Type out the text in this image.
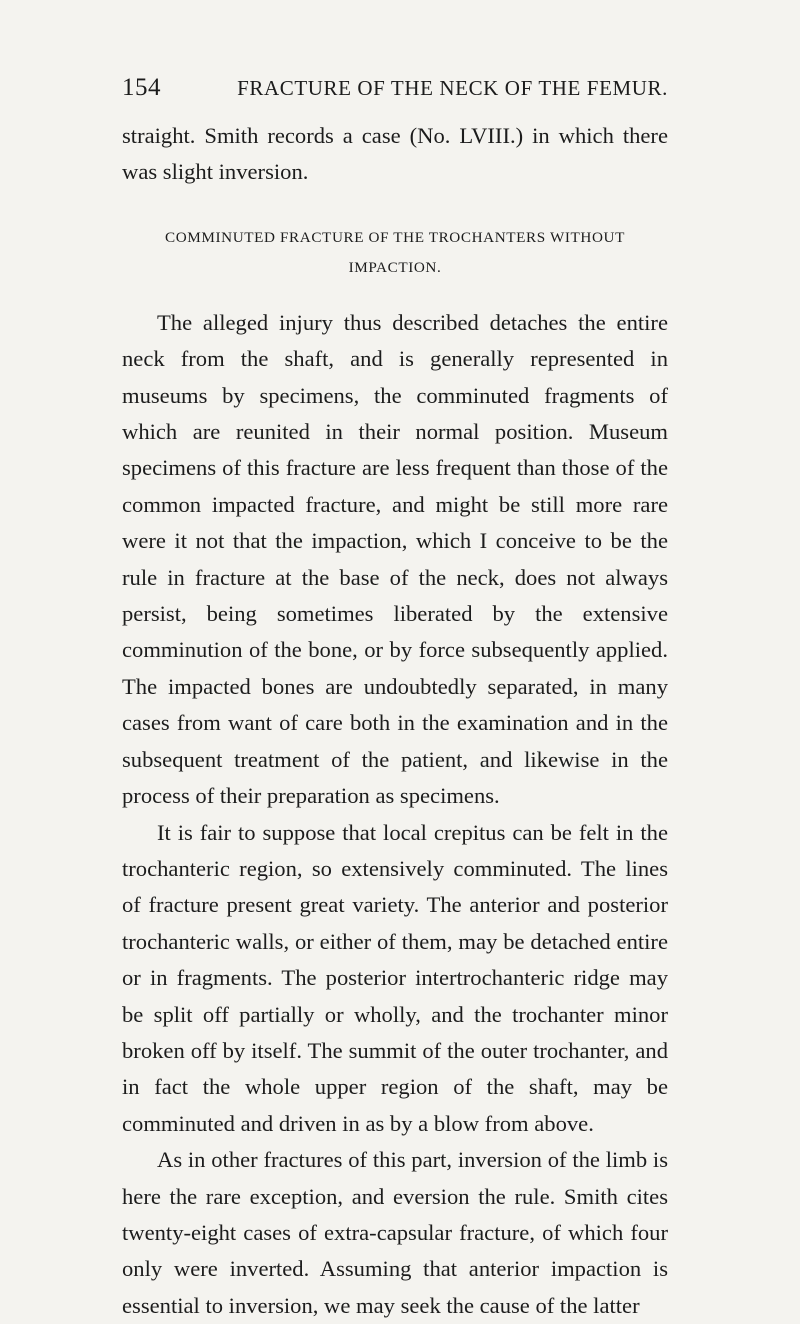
154	FRACTURE OF THE NECK OF THE FEMUR.

straight. Smith records a case (No. LVIII.) in which there was slight inversion.

COMMINUTED FRACTURE OF THE TROCHANTERS WITHOUT
IMPACTION.

The alleged injury thus described detaches the entire neck from the shaft, and is generally represented in museums by specimens, the comminuted fragments of which are reunited in their normal position. Museum specimens of this fracture are less frequent than those of the common impacted fracture, and might be still more rare were it not that the impaction, which I conceive to be the rule in fracture at the base of the neck, does not always persist, being sometimes liberated by the extensive comminution of the bone, or by force subsequently applied. The impacted bones are undoubtedly separated, in many cases from want of care both in the examination and in the subsequent treatment of the patient, and likewise in the process of their preparation as specimens.

It is fair to suppose that local crepitus can be felt in the trochanteric region, so extensively comminuted. The lines of fracture present great variety. The anterior and posterior trochanteric walls, or either of them, may be detached entire or in fragments. The posterior intertrochanteric ridge may be split off partially or wholly, and the trochanter minor broken off by itself. The summit of the outer trochanter, and in fact the whole upper region of the shaft, may be comminuted and driven in as by a blow from above.

As in other fractures of this part, inversion of the limb is here the rare exception, and eversion the rule. Smith cites twenty-eight cases of extra-capsular fracture, of which four only were inverted. Assuming that anterior impaction is essential to inversion, we may seek the cause of the latter
